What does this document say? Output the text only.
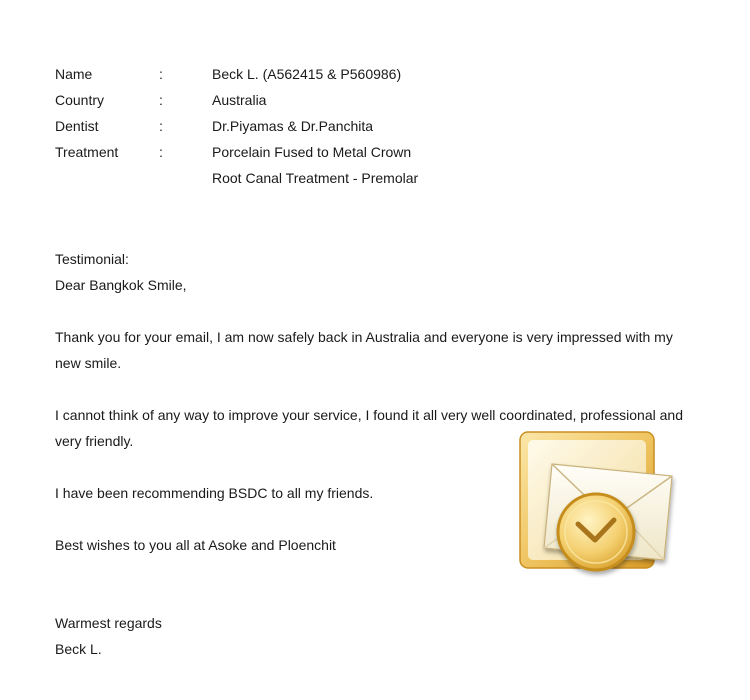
Name	:	Beck L. (A562415 & P560986)
Country	:	Australia
Dentist	:	Dr.Piyamas & Dr.Panchita
Treatment	:	Porcelain Fused to Metal Crown
Root Canal Treatment - Premolar

Testimonial:

Dear Bangkok Smile,

Thank you for your email, I am now safely back in Australia and everyone is very impressed with my new smile.

I cannot think of any way to improve your service, I found it all very well coordinated, professional and very friendly.

I have been recommending BSDC to all my friends.

Best wishes to you all at Asoke and Ploenchit

Warmest regards

Beck L.
